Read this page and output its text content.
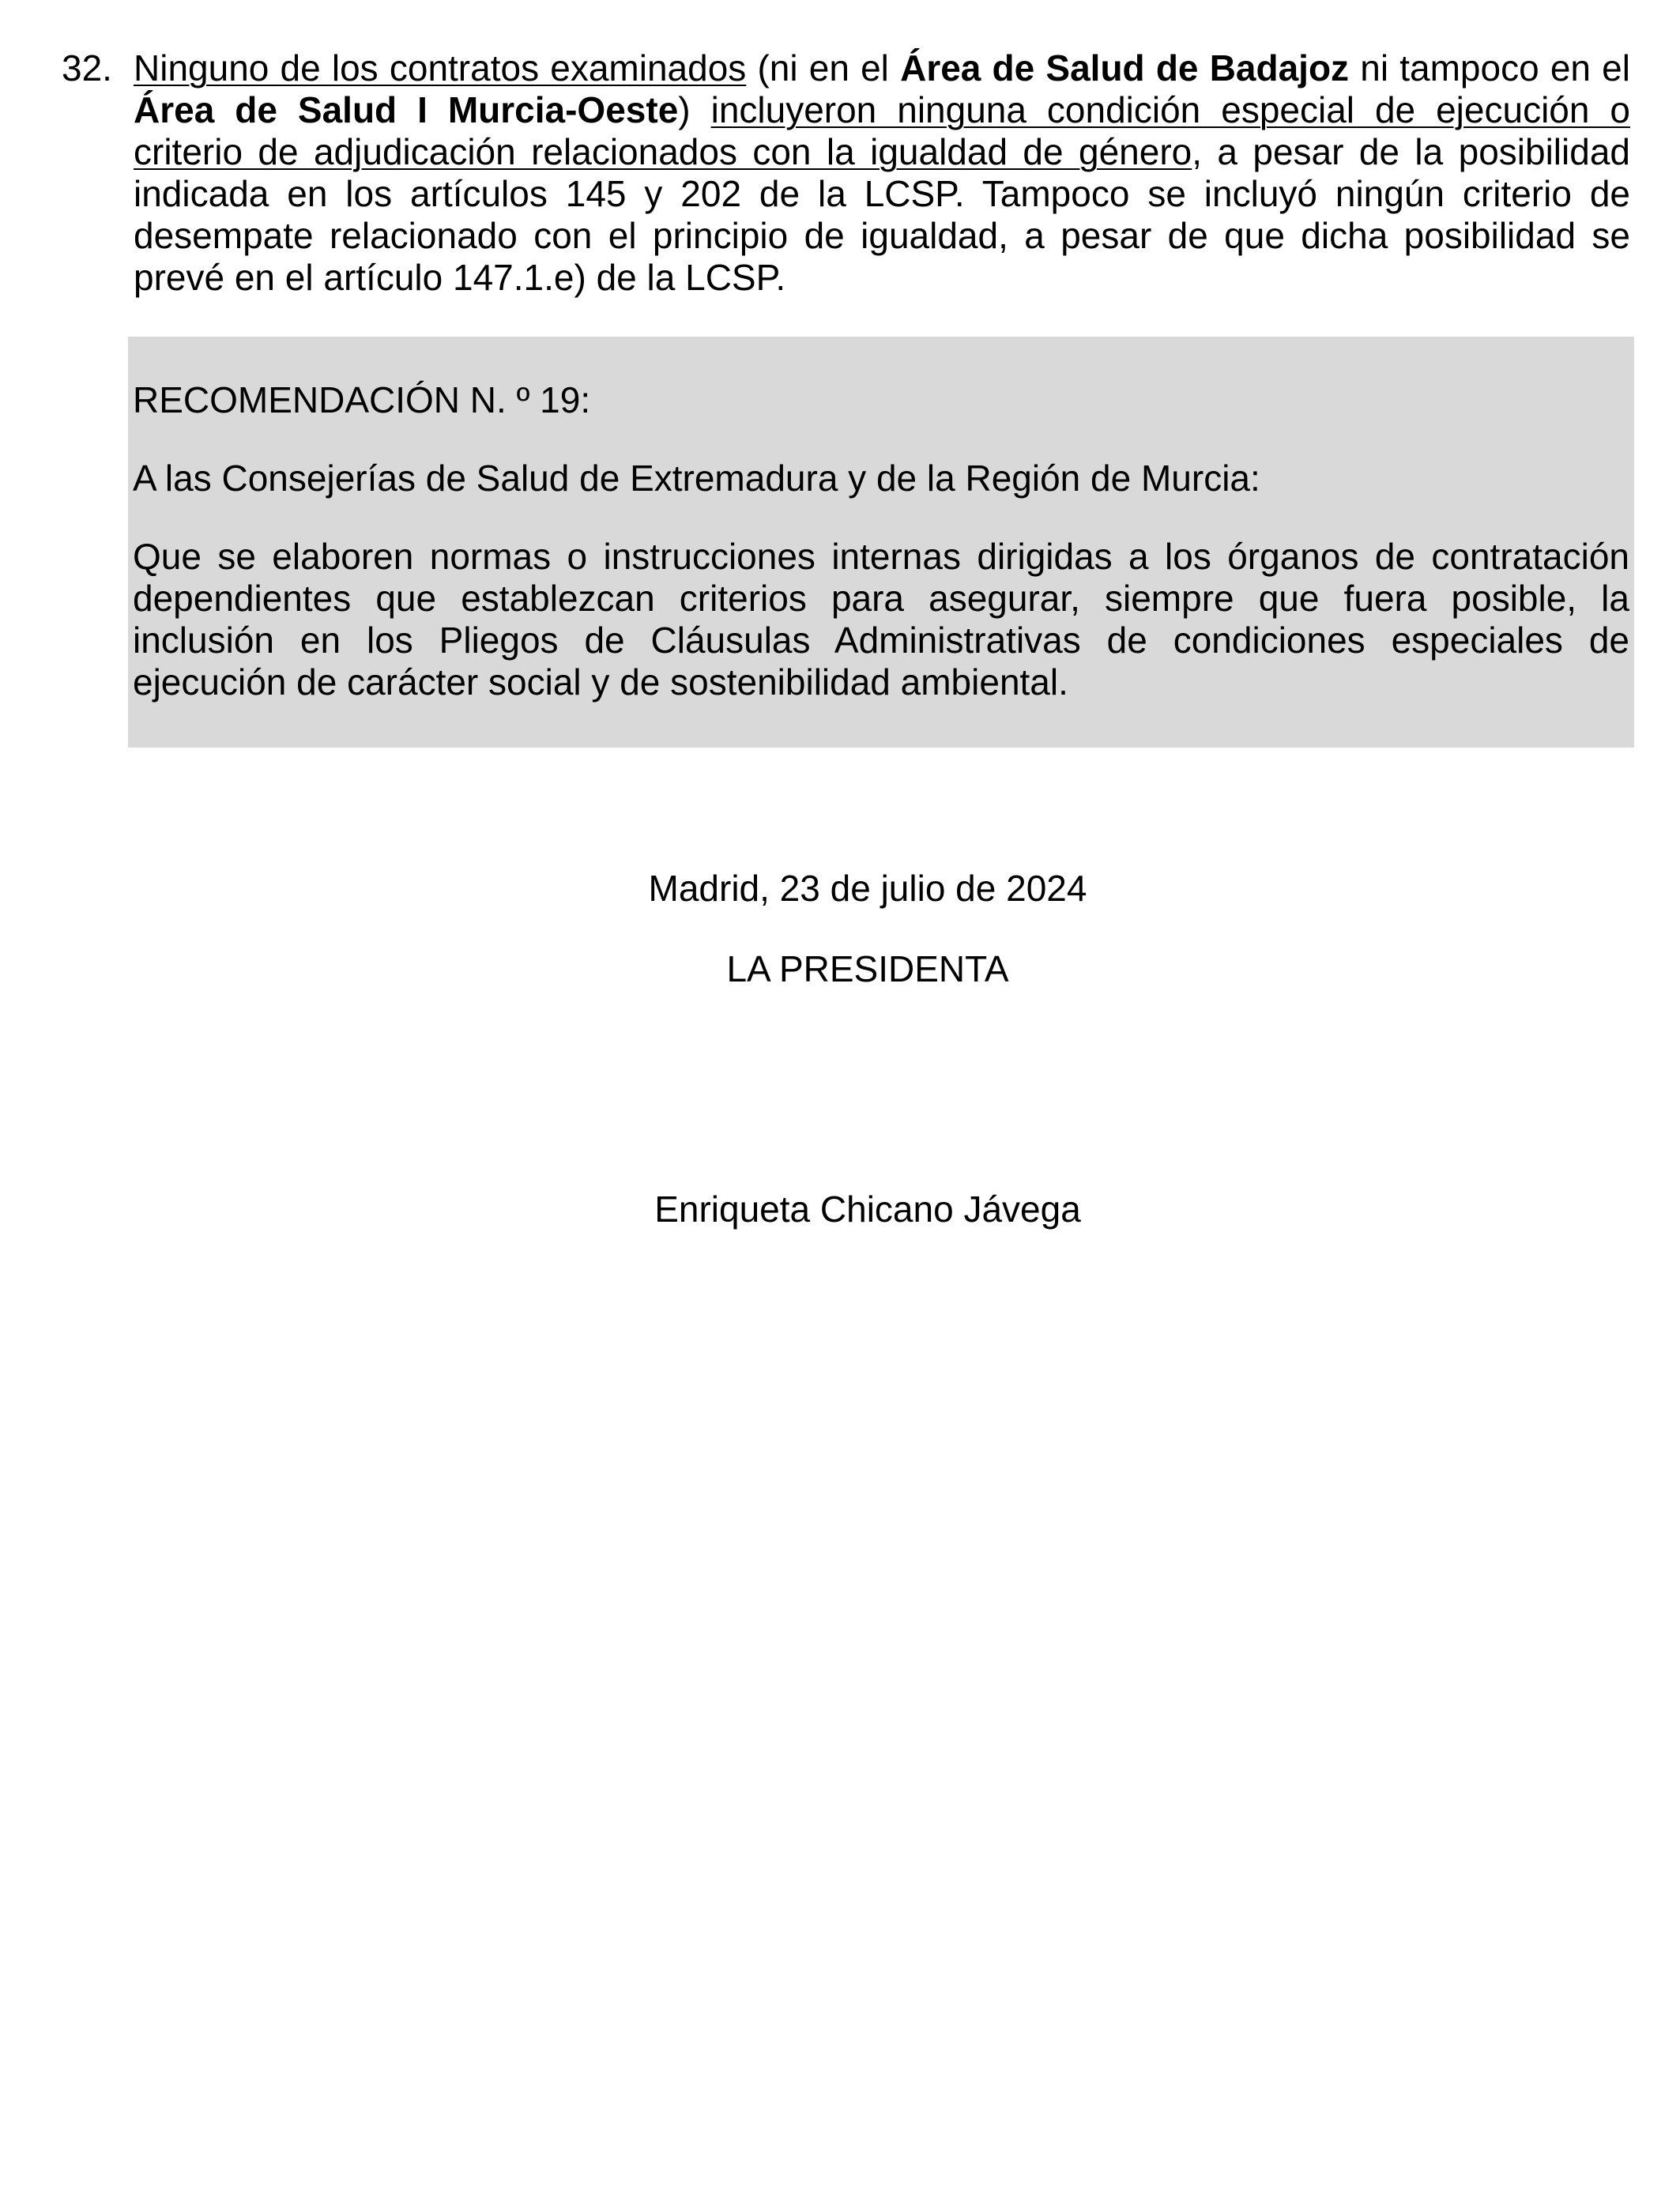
32. Ninguno de los contratos examinados (ni en el Área de Salud de Badajoz ni tampoco en el Área de Salud I Murcia-Oeste) incluyeron ninguna condición especial de ejecución o criterio de adjudicación relacionados con la igualdad de género, a pesar de la posibilidad indicada en los artículos 145 y 202 de la LCSP. Tampoco se incluyó ningún criterio de desempate relacionado con el principio de igualdad, a pesar de que dicha posibilidad se prevé en el artículo 147.1.e) de la LCSP.

RECOMENDACIÓN N. º 19:

A las Consejerías de Salud de Extremadura y de la Región de Murcia:

Que se elaboren normas o instrucciones internas dirigidas a los órganos de contratación dependientes que establezcan criterios para asegurar, siempre que fuera posible, la inclusión en los Pliegos de Cláusulas Administrativas de condiciones especiales de ejecución de carácter social y de sostenibilidad ambiental.

Madrid, 23 de julio de 2024
LA PRESIDENTA
Enriqueta Chicano Jávega
